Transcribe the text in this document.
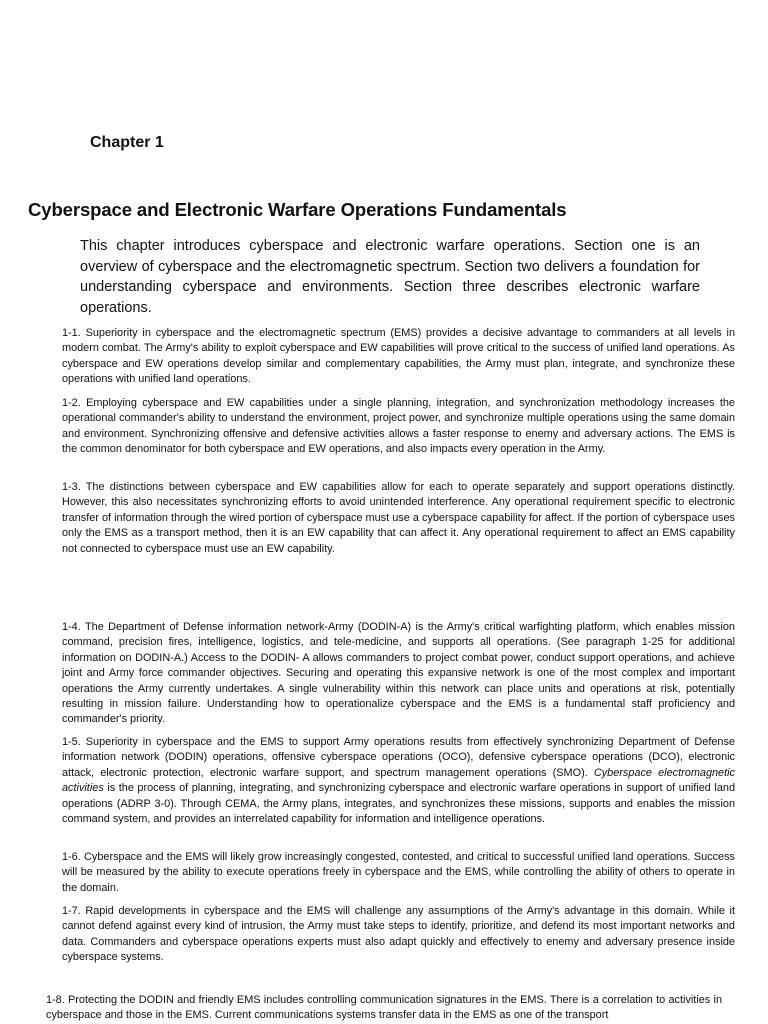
Chapter 1
Cyberspace and Electronic Warfare Operations Fundamentals

This chapter introduces cyberspace and electronic warfare operations. Section one is an overview of cyberspace and the electromagnetic spectrum. Section two delivers a foundation for understanding cyberspace and environments. Section three describes electronic warfare operations.

1-1. Superiority in cyberspace and the electromagnetic spectrum (EMS) provides a decisive advantage to commanders at all levels in modern combat. The Army's ability to exploit cyberspace and EW capabilities will prove critical to the success of unified land operations. As cyberspace and EW operations develop similar and complementary capabilities, the Army must plan, integrate, and synchronize these operations with unified land operations.

1-2. Employing cyberspace and EW capabilities under a single planning, integration, and synchronization methodology increases the operational commander's ability to understand the environment, project power, and synchronize multiple operations using the same domain and environment. Synchronizing offensive and defensive activities allows a faster response to enemy and adversary actions. The EMS is the common denominator for both cyberspace and EW operations, and also impacts every operation in the Army.

1-3. The distinctions between cyberspace and EW capabilities allow for each to operate separately and support operations distinctly. However, this also necessitates synchronizing efforts to avoid unintended interference. Any operational requirement specific to electronic transfer of information through the wired portion of cyberspace must use a cyberspace capability for affect. If the portion of cyberspace uses only the EMS as a transport method, then it is an EW capability that can affect it. Any operational requirement to affect an EMS capability not connected to cyberspace must use an EW capability.

1-4. The Department of Defense information network-Army (DODIN-A) is the Army's critical warfighting platform, which enables mission command, precision fires, intelligence, logistics, and tele-medicine, and supports all operations. (See paragraph 1-25 for additional information on DODIN-A.) Access to the DODIN- A allows commanders to project combat power, conduct support operations, and achieve joint and Army force commander objectives. Securing and operating this expansive network is one of the most complex and important operations the Army currently undertakes. A single vulnerability within this network can place units and operations at risk, potentially resulting in mission failure. Understanding how to operationalize cyberspace and the EMS is a fundamental staff proficiency and commander's priority.

1-5. Superiority in cyberspace and the EMS to support Army operations results from effectively synchronizing Department of Defense information network (DODIN) operations, offensive cyberspace operations (OCO), defensive cyberspace operations (DCO), electronic attack, electronic protection, electronic warfare support, and spectrum management operations (SMO). Cyberspace electromagnetic activities is the process of planning, integrating, and synchronizing cyberspace and electronic warfare operations in support of unified land operations (ADRP 3-0). Through CEMA, the Army plans, integrates, and synchronizes these missions, supports and enables the mission command system, and provides an interrelated capability for information and intelligence operations.

1-6. Cyberspace and the EMS will likely grow increasingly congested, contested, and critical to successful unified land operations. Success will be measured by the ability to execute operations freely in cyberspace and the EMS, while controlling the ability of others to operate in the domain.

1-7. Rapid developments in cyberspace and the EMS will challenge any assumptions of the Army's advantage in this domain. While it cannot defend against every kind of intrusion, the Army must take steps to identify, prioritize, and defend its most important networks and data. Commanders and cyberspace operations experts must also adapt quickly and effectively to enemy and adversary presence inside cyberspace systems.

1-8. Protecting the DODIN and friendly EMS includes controlling communication signatures in the EMS. There is a correlation to activities in cyberspace and those in the EMS. Current communications systems transfer data in the EMS as one of the transport
